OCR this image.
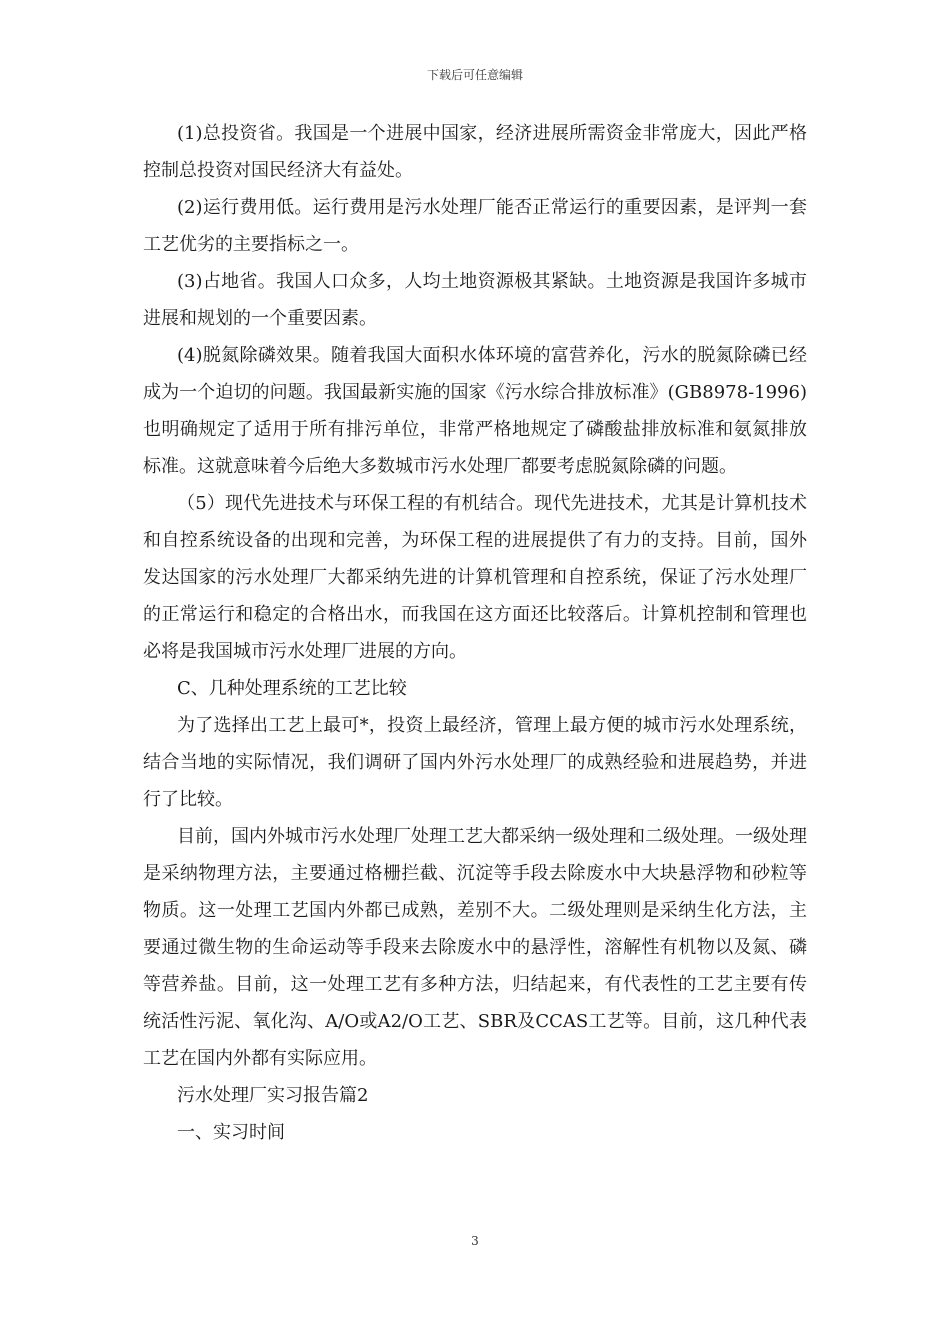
下载后可任意编辑

(1)总投资省。我国是一个进展中国家，经济进展所需资金非常庞大，因此严格控制总投资对国民经济大有益处。

(2)运行费用低。运行费用是污水处理厂能否正常运行的重要因素，是评判一套工艺优劣的主要指标之一。

(3)占地省。我国人口众多，人均土地资源极其紧缺。土地资源是我国许多城市进展和规划的一个重要因素。

(4)脱氮除磷效果。随着我国大面积水体环境的富营养化，污水的脱氮除磷已经成为一个迫切的问题。我国最新实施的国家《污水综合排放标准》(GB8978-1996)也明确规定了适用于所有排污单位，非常严格地规定了磷酸盐排放标准和氨氮排放标准。这就意味着今后绝大多数城市污水处理厂都要考虑脱氮除磷的问题。

（5）现代先进技术与环保工程的有机结合。现代先进技术，尤其是计算机技术和自控系统设备的出现和完善，为环保工程的进展提供了有力的支持。目前，国外发达国家的污水处理厂大都采纳先进的计算机管理和自控系统，保证了污水处理厂的正常运行和稳定的合格出水，而我国在这方面还比较落后。计算机控制和管理也必将是我国城市污水处理厂进展的方向。

C、几种处理系统的工艺比较

为了选择出工艺上最可*，投资上最经济，管理上最方便的城市污水处理系统，结合当地的实际情况，我们调研了国内外污水处理厂的成熟经验和进展趋势，并进行了比较。

目前，国内外城市污水处理厂处理工艺大都采纳一级处理和二级处理。一级处理是采纳物理方法，主要通过格栅拦截、沉淀等手段去除废水中大块悬浮物和砂粒等物质。这一处理工艺国内外都已成熟，差别不大。二级处理则是采纳生化方法，主要通过微生物的生命运动等手段来去除废水中的悬浮性，溶解性有机物以及氮、磷等营养盐。目前，这一处理工艺有多种方法，归结起来，有代表性的工艺主要有传统活性污泥、氧化沟、A/O或A2/O工艺、SBR及CCAS工艺等。目前，这几种代表工艺在国内外都有实际应用。

污水处理厂实习报告篇2

一、实习时间

3
